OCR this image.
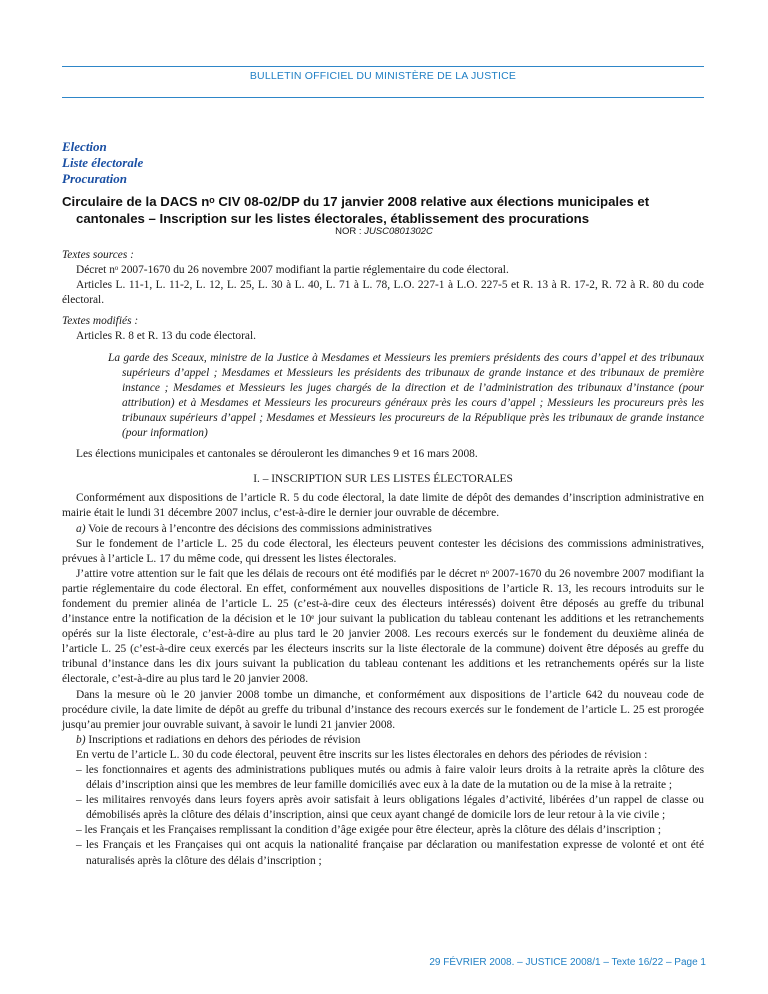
BULLETIN OFFICIEL DU MINISTÈRE DE LA JUSTICE
Election
Liste électorale
Procuration
Circulaire de la DACS nᵒ CIV 08-02/DP du 17 janvier 2008 relative aux élections municipales et
cantonales – Inscription sur les listes électorales, établissement des procurations
NOR : JUSC0801302C

Textes sources :

Décret nᵒ 2007-1670 du 26 novembre 2007 modifiant la partie réglementaire du code électoral.

Articles L. 11-1, L. 11-2, L. 12, L. 25, L. 30 à L. 40, L. 71 à L. 78, L.O. 227-1 à L.O. 227-5 et R. 13 à R. 17-2, R. 72 à R. 80 du code électoral.

Textes modifiés :

Articles R. 8 et R. 13 du code électoral.

La garde des Sceaux, ministre de la Justice à Mesdames et Messieurs les premiers présidents des cours d’appel et des tribunaux supérieurs d’appel ; Mesdames et Messieurs les présidents des tribunaux de grande instance et des tribunaux de première instance ; Mesdames et Messieurs les juges chargés de la direction et de l’administration des tribunaux d’instance (pour attribution) et à Mesdames et Messieurs les procureurs généraux près les cours d’appel ; Messieurs les procureurs près les tribunaux supérieurs d’appel ; Mesdames et Messieurs les procureurs de la République près les tribunaux de grande instance (pour information)

Les élections municipales et cantonales se dérouleront les dimanches 9 et 16 mars 2008.

I. – INSCRIPTION SUR LES LISTES ÉLECTORALES

Conformément aux dispositions de l’article R. 5 du code électoral, la date limite de dépôt des demandes d’inscription administrative en mairie était le lundi 31 décembre 2007 inclus, c’est-à-dire le dernier jour ouvrable de décembre.

a) Voie de recours à l’encontre des décisions des commissions administratives

Sur le fondement de l’article L. 25 du code électoral, les électeurs peuvent contester les décisions des commissions administratives, prévues à l’article L. 17 du même code, qui dressent les listes électorales.

J’attire votre attention sur le fait que les délais de recours ont été modifiés par le décret nᵒ 2007-1670 du 26 novembre 2007 modifiant la partie réglementaire du code électoral. En effet, conformément aux nouvelles dispositions de l’article R. 13, les recours introduits sur le fondement du premier alinéa de l’article L. 25 (c’est-à-dire ceux des électeurs intéressés) doivent être déposés au greffe du tribunal d’instance entre la notification de la décision et le 10ᵉ jour suivant la publication du tableau contenant les additions et les retranchements opérés sur la liste électorale, c’est-à-dire au plus tard le 20 janvier 2008. Les recours exercés sur le fondement du deuxième alinéa de l’article L. 25 (c’est-à-dire ceux exercés par les électeurs inscrits sur la liste électorale de la commune) doivent être déposés au greffe du tribunal d’instance dans les dix jours suivant la publication du tableau contenant les additions et les retranchements opérés sur la liste électorale, c’est-à-dire au plus tard le 20 janvier 2008.

Dans la mesure où le 20 janvier 2008 tombe un dimanche, et conformément aux dispositions de l’article 642 du nouveau code de procédure civile, la date limite de dépôt au greffe du tribunal d’instance des recours exercés sur le fondement de l’article L. 25 est prorogée jusqu’au premier jour ouvrable suivant, à savoir le lundi 21 janvier 2008.

b) Inscriptions et radiations en dehors des périodes de révision

En vertu de l’article L. 30 du code électoral, peuvent être inscrits sur les listes électorales en dehors des périodes de révision :

– les fonctionnaires et agents des administrations publiques mutés ou admis à faire valoir leurs droits à la retraite après la clôture des délais d’inscription ainsi que les membres de leur famille domiciliés avec eux à la date de la mutation ou de la mise à la retraite ;
– les militaires renvoyés dans leurs foyers après avoir satisfait à leurs obligations légales d’activité, libérées d’un rappel de classe ou démobilisés après la clôture des délais d’inscription, ainsi que ceux ayant changé de domicile lors de leur retour à la vie civile ;
– les Français et les Françaises remplissant la condition d’âge exigée pour être électeur, après la clôture des délais d’inscription ;
– les Français et les Françaises qui ont acquis la nationalité française par déclaration ou manifestation expresse de volonté et ont été naturalisés après la clôture des délais d’inscription ;
29 FÉVRIER 2008. – JUSTICE 2008/1 – Texte 16/22 – Page 1
